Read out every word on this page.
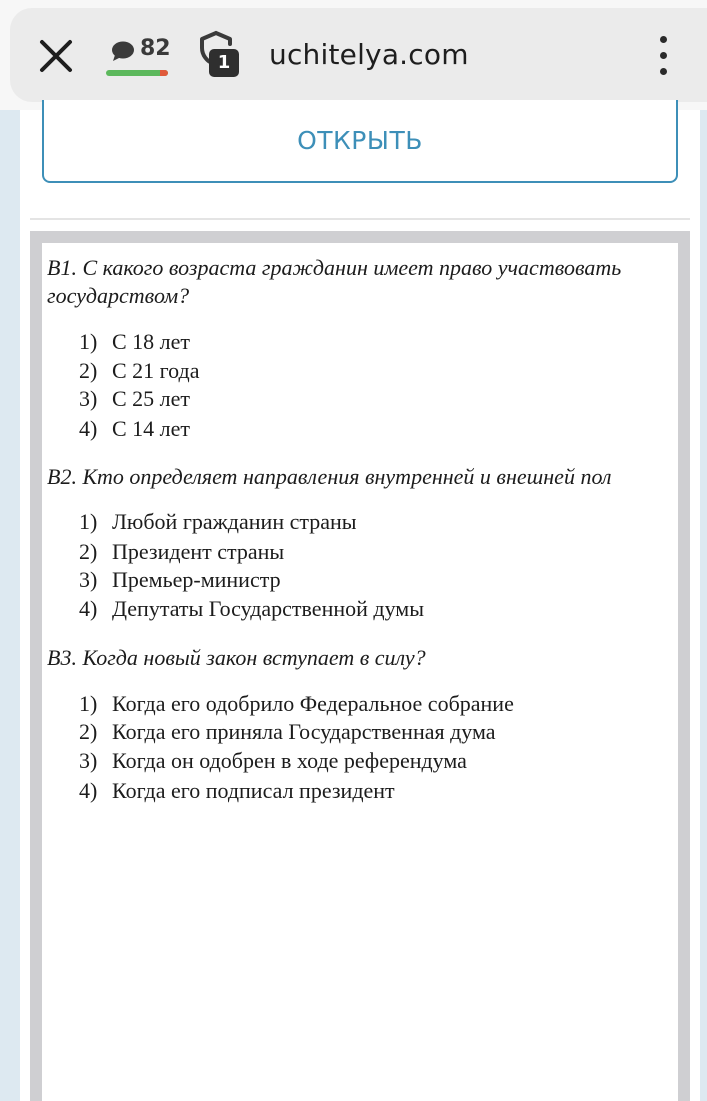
82
1	uchitelya.com
ОТКРЫТЬ
В1. С какого возраста гражданин имеет право участвовать
государством?
1) С 18 лет
2) С 21 года
3) С 25 лет
4) С 14 лет
В2. Кто определяет направления внутренней и внешней пол
1) Любой гражданин страны
2) Президент страны
3) Премьер-министр
4) Депутаты Государственной думы
В3. Когда новый закон вступает в силу?
1) Когда его одобрило Федеральное собрание
2) Когда его приняла Государственная дума
3) Когда он одобрен в ходе референдума
4) Когда его подписал президент
